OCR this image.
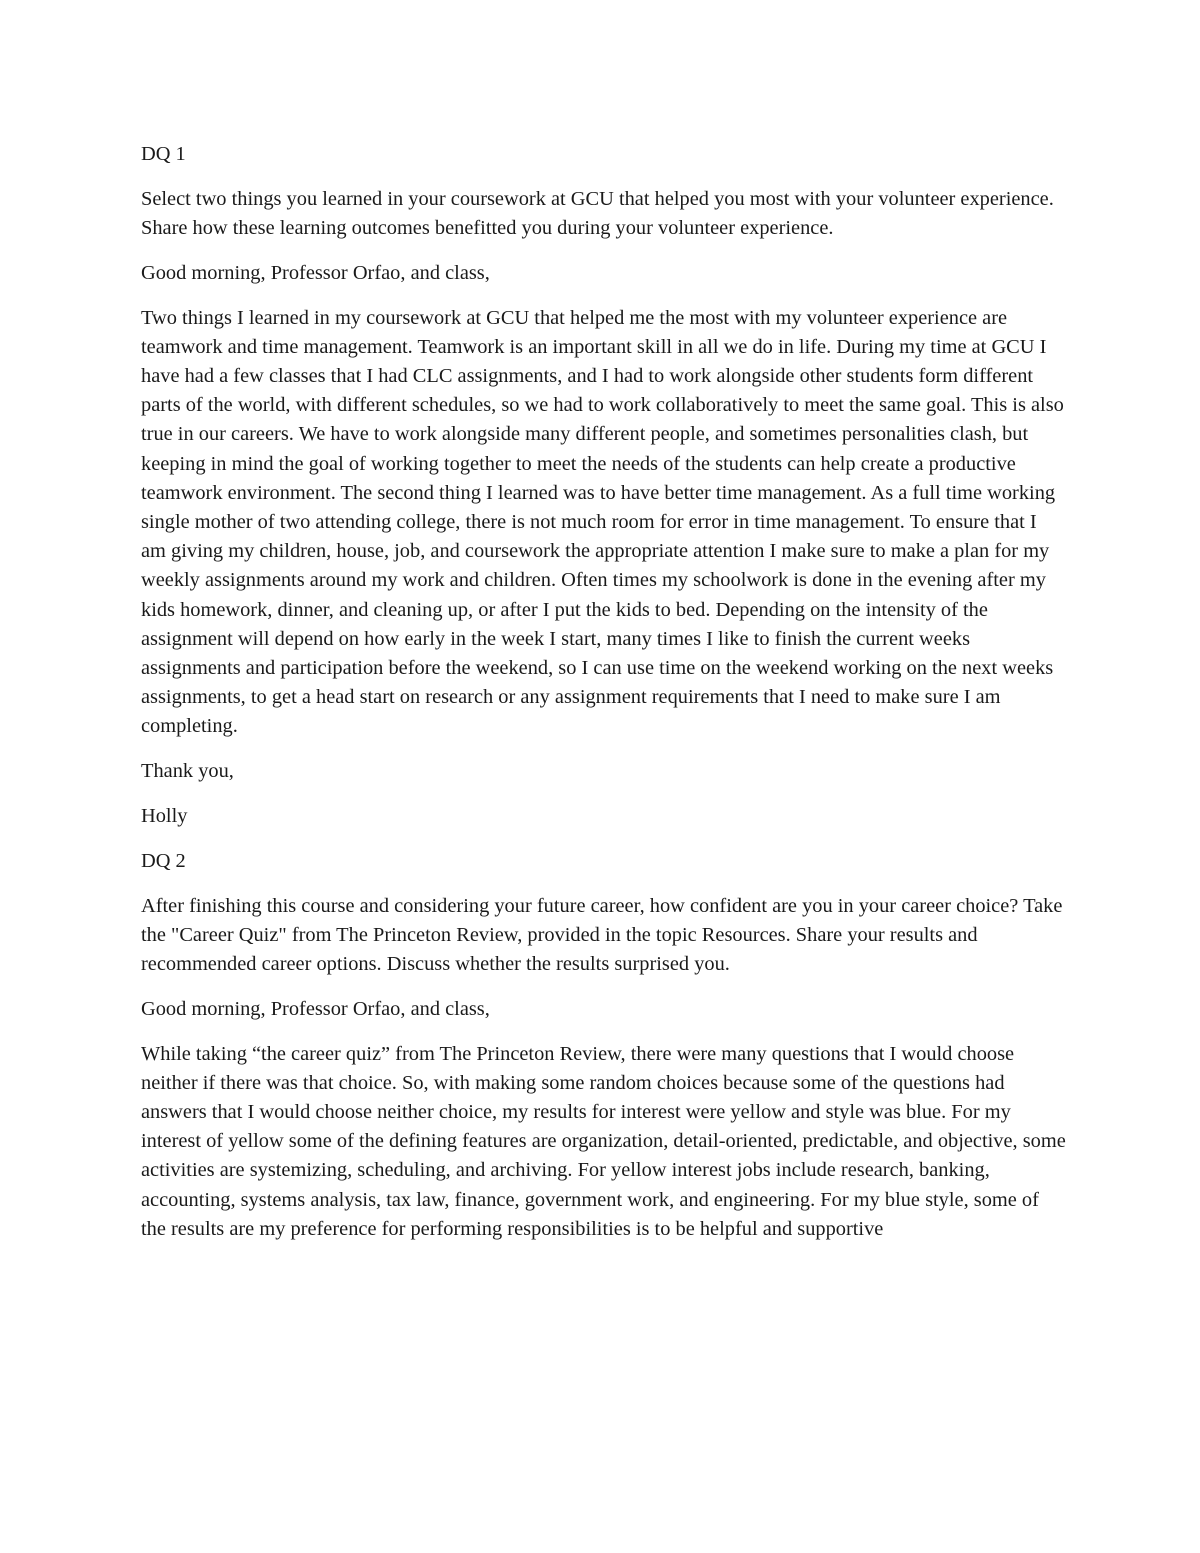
DQ 1

Select two things you learned in your coursework at GCU that helped you most with your volunteer experience. Share how these learning outcomes benefitted you during your volunteer experience.

Good morning, Professor Orfao, and class,

Two things I learned in my coursework at GCU that helped me the most with my volunteer experience are teamwork and time management. Teamwork is an important skill in all we do in life. During my time at GCU I have had a few classes that I had CLC assignments, and I had to work alongside other students form different parts of the world, with different schedules, so we had to work collaboratively to meet the same goal. This is also true in our careers. We have to work alongside many different people, and sometimes personalities clash, but keeping in mind the goal of working together to meet the needs of the students can help create a productive teamwork environment. The second thing I learned was to have better time management. As a full time working single mother of two attending college, there is not much room for error in time management. To ensure that I am giving my children, house, job, and coursework the appropriate attention I make sure to make a plan for my weekly assignments around my work and children. Often times my schoolwork is done in the evening after my kids homework, dinner, and cleaning up, or after I put the kids to bed. Depending on the intensity of the assignment will depend on how early in the week I start, many times I like to finish the current weeks assignments and participation before the weekend, so I can use time on the weekend working on the next weeks assignments, to get a head start on research or any assignment requirements that I need to make sure I am completing.

Thank you,

Holly

DQ 2

After finishing this course and considering your future career, how confident are you in your career choice? Take the "Career Quiz" from The Princeton Review, provided in the topic Resources. Share your results and recommended career options. Discuss whether the results surprised you.

Good morning, Professor Orfao, and class,

While taking “the career quiz” from The Princeton Review, there were many questions that I would choose neither if there was that choice. So, with making some random choices because some of the questions had answers that I would choose neither choice, my results for interest were yellow and style was blue. For my interest of yellow some of the defining features are organization, detail-oriented, predictable, and objective, some activities are systemizing, scheduling, and archiving. For yellow interest jobs include research, banking, accounting, systems analysis, tax law, finance, government work, and engineering. For my blue style, some of the results are my preference for performing responsibilities is to be helpful and supportive
